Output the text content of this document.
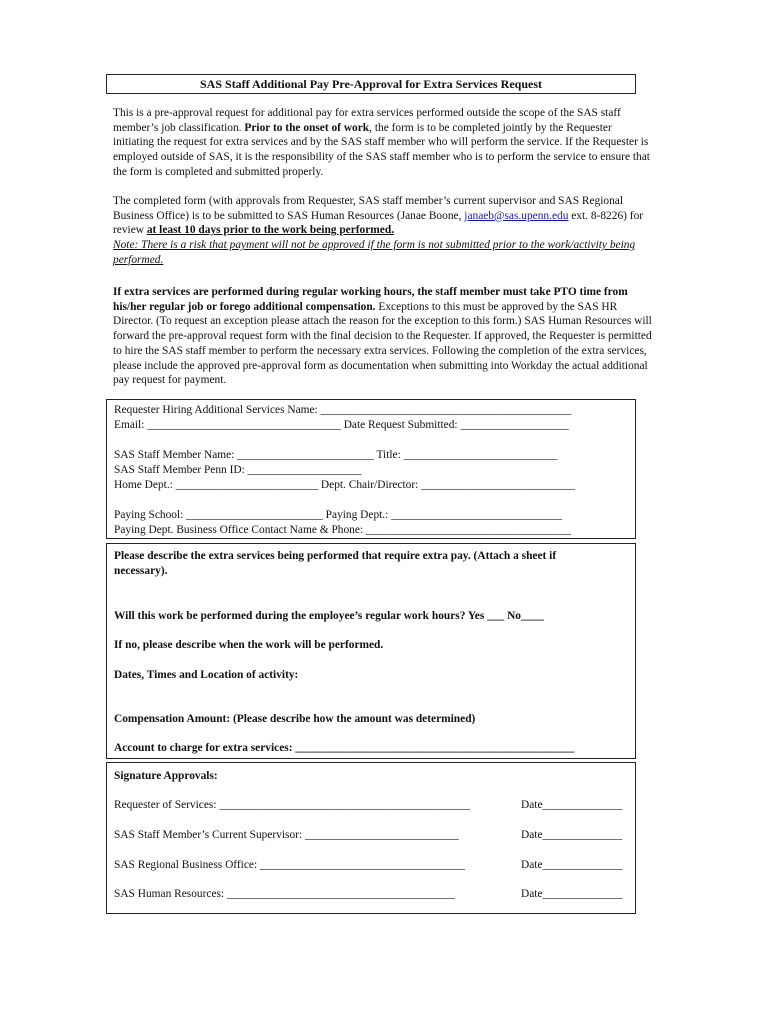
SAS Staff Additional Pay Pre-Approval for Extra Services Request

This is a pre-approval request for additional pay for extra services performed outside the scope of the SAS staff member’s job classification. Prior to the onset of work, the form is to be completed jointly by the Requester initiating the request for extra services and by the SAS staff member who will perform the service. If the Requester is employed outside of SAS, it is the responsibility of the SAS staff member who is to perform the service to ensure that the form is completed and submitted properly.

The completed form (with approvals from Requester, SAS staff member’s current supervisor and SAS Regional Business Office) is to be submitted to SAS Human Resources (Janae Boone, janaeb@sas.upenn.edu ext. 8-8226) for review at least 10 days prior to the work being performed.
Note: There is a risk that payment will not be approved if the form is not submitted prior to the work/activity being performed.

If extra services are performed during regular working hours, the staff member must take PTO time from his/her regular job or forego additional compensation. Exceptions to this must be approved by the SAS HR Director. (To request an exception please attach the reason for the exception to this form.) SAS Human Resources will forward the pre-approval request form with the final decision to the Requester. If approved, the Requester is permitted to hire the SAS staff member to perform the necessary extra services. Following the completion of the extra services, please include the approved pre-approval form as documentation when submitting into Workday the actual additional pay request for payment.

Requester Hiring Additional Services Name: ____________________________________________

Email: __________________________________ Date Request Submitted: ___________________

SAS Staff Member Name: ________________________ Title: ___________________________

SAS Staff Member Penn ID: ____________________

Home Dept.: _________________________ Dept. Chair/Director: ___________________________

Paying School: ________________________ Paying Dept.: ______________________________

Paying Dept. Business Office Contact Name & Phone: ____________________________________

Please describe the extra services being performed that require extra pay. (Attach a sheet if

necessary).

Will this work be performed during the employee’s regular work hours? Yes ___ No____

If no, please describe when the work will be performed.

Dates, Times and Location of activity:

Compensation Amount: (Please describe how the amount was determined)

Account to charge for extra services: _________________________________________________

Signature Approvals:

Requester of Services: ____________________________________________	Date______________

SAS Staff Member’s Current Supervisor: ___________________________	Date______________

SAS Regional Business Office: ____________________________________	Date______________

SAS Human Resources: ________________________________________	Date______________
